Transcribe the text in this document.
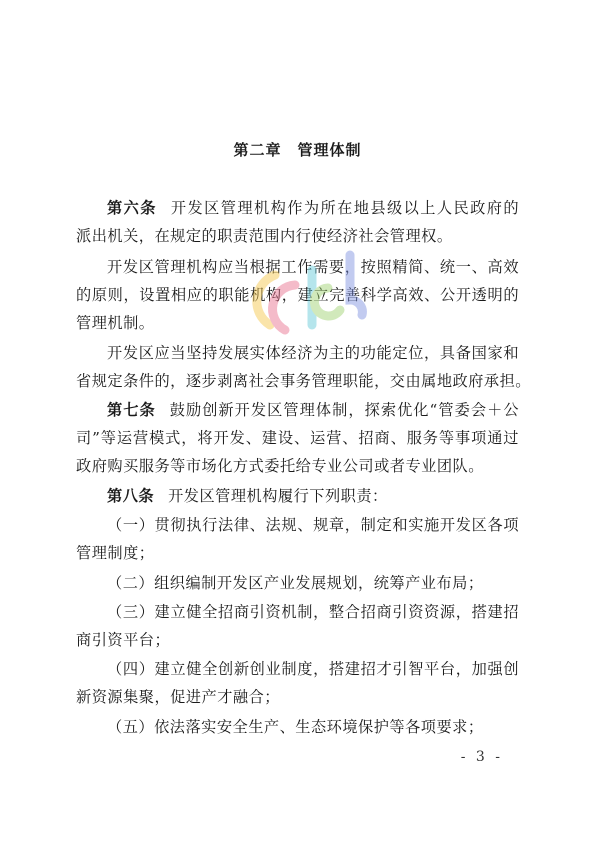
第二章　管理体制
第六条 开发区管理机构作为所在地县级以上人民政府的
派出机关，在规定的职责范围内行使经济社会管理权。
开发区管理机构应当根据工作需要，按照精简、统一、高效
的原则，设置相应的职能机构，建立完善科学高效、公开透明的
管理机制。
开发区应当坚持发展实体经济为主的功能定位，具备国家和
省规定条件的，逐步剥离社会事务管理职能，交由属地政府承担。
第七条 鼓励创新开发区管理体制，探索优化“管委会＋公
司”等运营模式，将开发、建设、运营、招商、服务等事项通过
政府购买服务等市场化方式委托给专业公司或者专业团队。
第八条 开发区管理机构履行下列职责：
（一）贯彻执行法律、法规、规章，制定和实施开发区各项
管理制度；
（二）组织编制开发区产业发展规划，统筹产业布局；
（三）建立健全招商引资机制，整合招商引资资源，搭建招
商引资平台；
（四）建立健全创新创业制度，搭建招才引智平台，加强创
新资源集聚，促进产才融合；
（五）依法落实安全生产、生态环境保护等各项要求；
- 3 -
